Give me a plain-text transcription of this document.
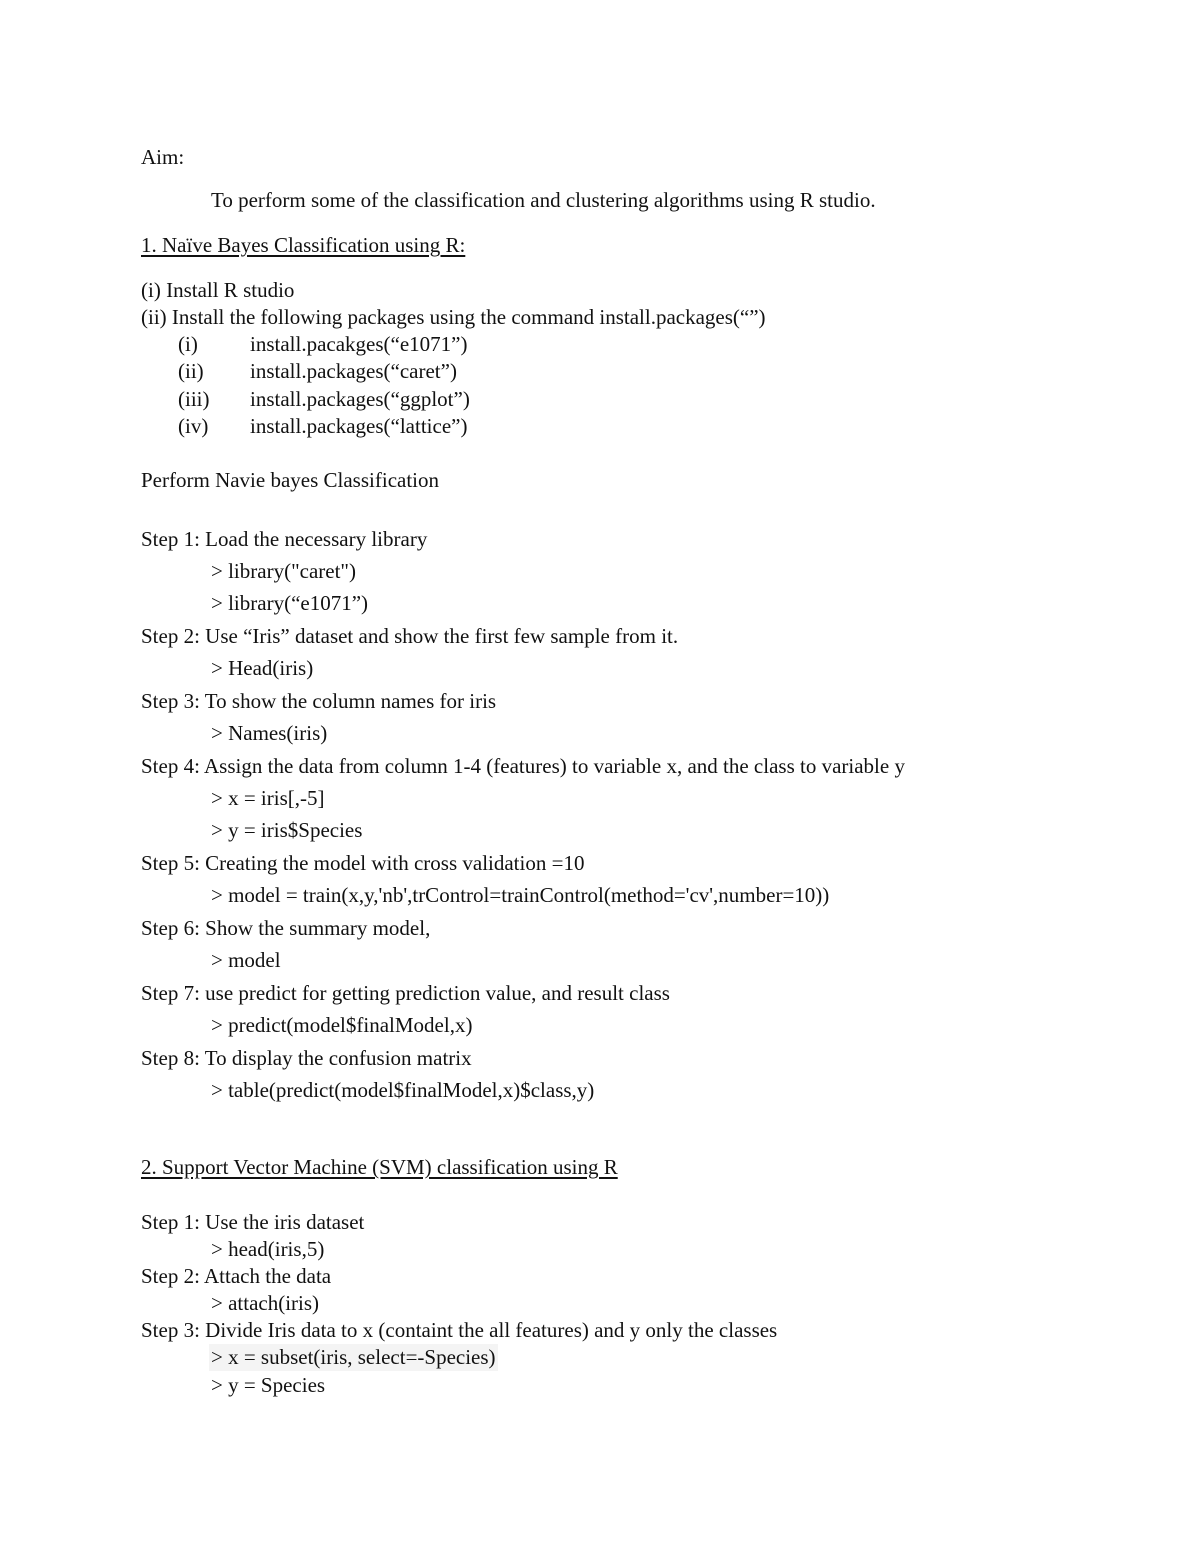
Aim:
To perform some of the classification and clustering algorithms using R studio.
1. Naïve Bayes Classification using R:
(i) Install R studio
(ii) Install the following packages using the command install.packages(“”)
(i) install.pacakges(“e1071”)
(ii) install.packages(“caret”)
(iii) install.packages(“ggplot”)
(iv) install.packages(“lattice”)
Perform Navie bayes Classification
Step 1: Load the necessary library
> library("caret")
> library(“e1071”)
Step 2: Use “Iris” dataset and show the first few sample from it.
> Head(iris)
Step 3: To show the column names for iris
> Names(iris)
Step 4: Assign the data from column 1-4 (features) to variable x, and the class to variable y
> x = iris[,-5]
> y = iris$Species
Step 5: Creating the model with cross validation =10
> model = train(x,y,'nb',trControl=trainControl(method='cv',number=10))
Step 6: Show the summary model,
> model
Step 7: use predict for getting prediction value, and result class
> predict(model$finalModel,x)
Step 8: To display the confusion matrix
> table(predict(model$finalModel,x)$class,y)
2. Support Vector Machine (SVM) classification using R
Step 1: Use the iris dataset
> head(iris,5)
Step 2: Attach the data
> attach(iris)
Step 3: Divide Iris data to x (containt the all features) and y only the classes
> x = subset(iris, select=-Species)
> y = Species
